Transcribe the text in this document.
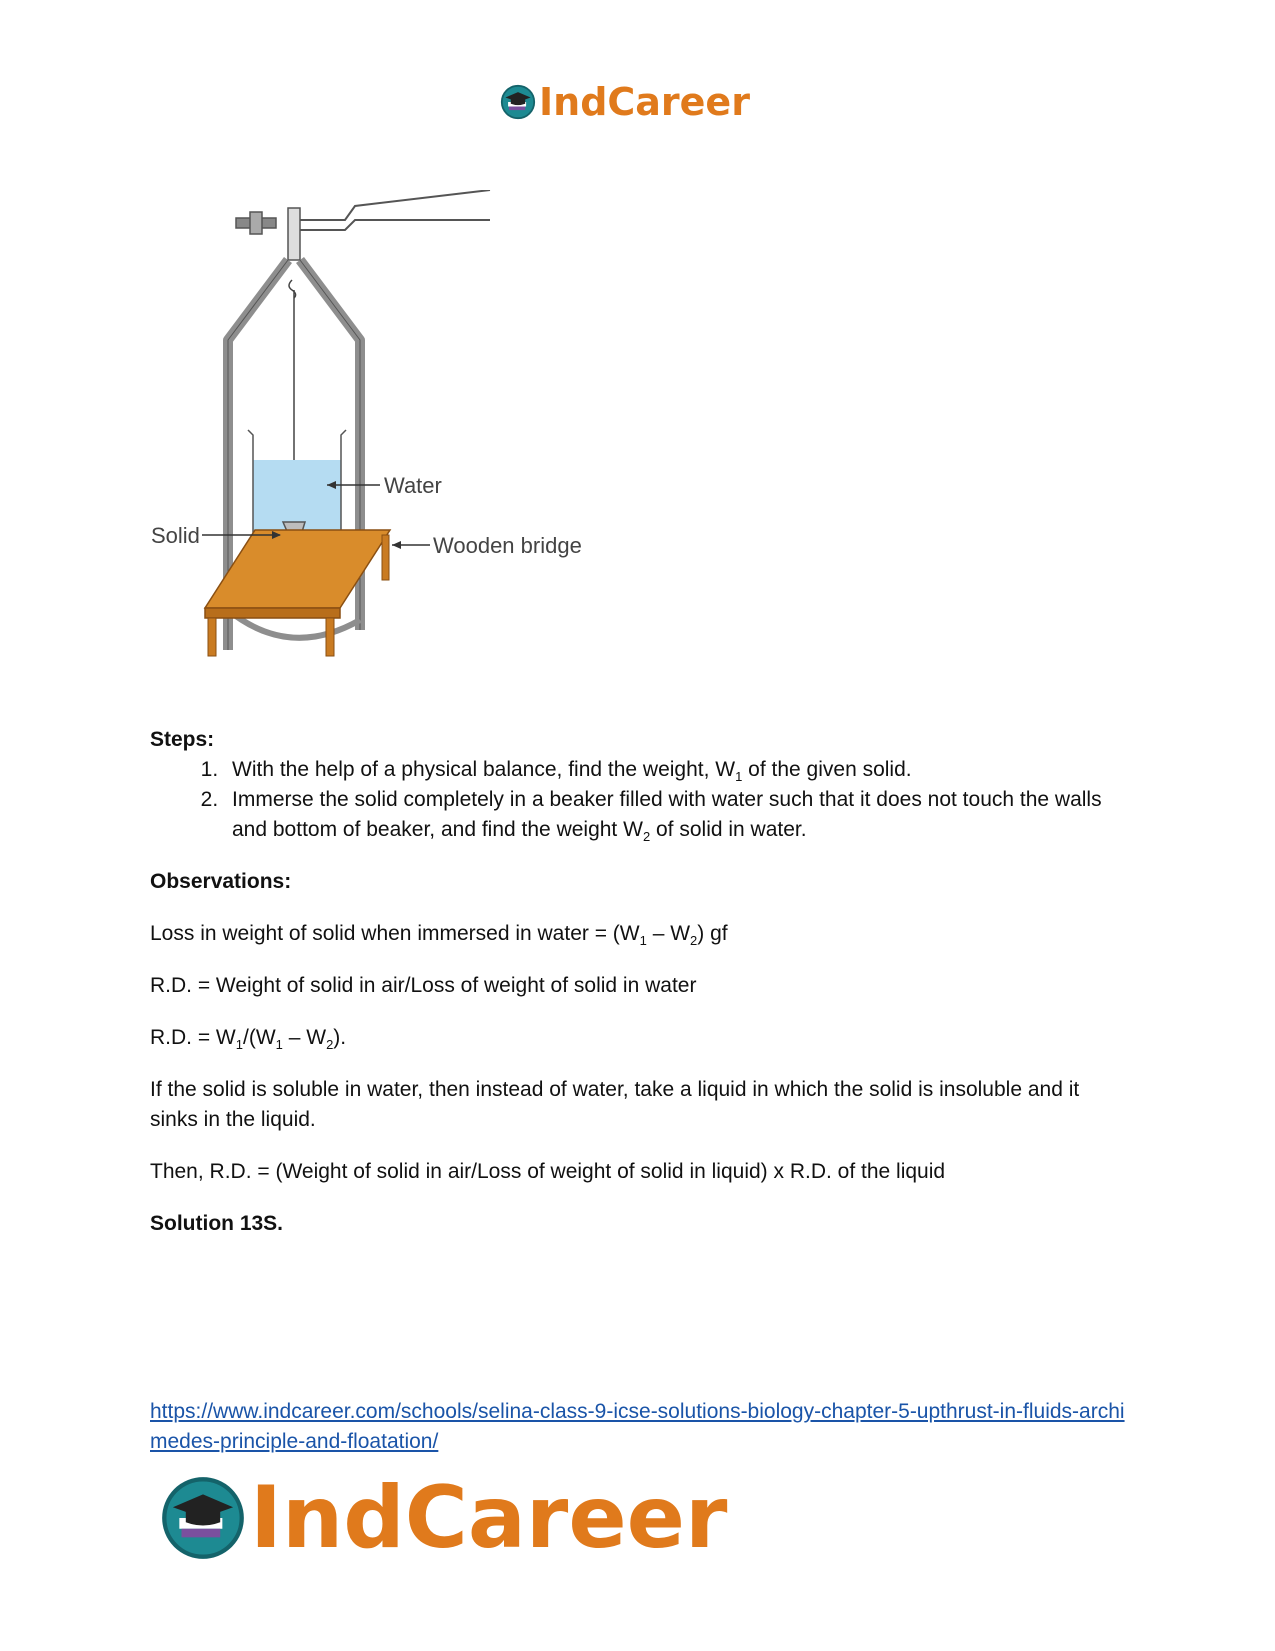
IndCareer
Water
Solid	Wooden bridge

Steps:

1. With the help of a physical balance, find the weight, $W_1$ of the given solid.
2. Immerse the solid completely in a beaker filled with water such that it does not touch the walls and bottom of beaker, and find the weight $W_2$ of solid in water.

Observations:

Loss in weight of solid when immersed in water = $(W_1 - W_2)$ gf

R.D. = Weight of solid in air/Loss of weight of solid in water

R.D. = $W_1/(W_1 - W_2)$.

If the solid is soluble in water, then instead of water, take a liquid in which the solid is insoluble and it sinks in the liquid.

Then, R.D. = (Weight of solid in air/Loss of weight of solid in liquid) x R.D. of the liquid

Solution 13S.

https://www.indcareer.com/schools/selina-class-9-icse-solutions-biology-chapter-5-upthrust-in-fluids-archimedes-principle-and-floatation/
IndCareer
